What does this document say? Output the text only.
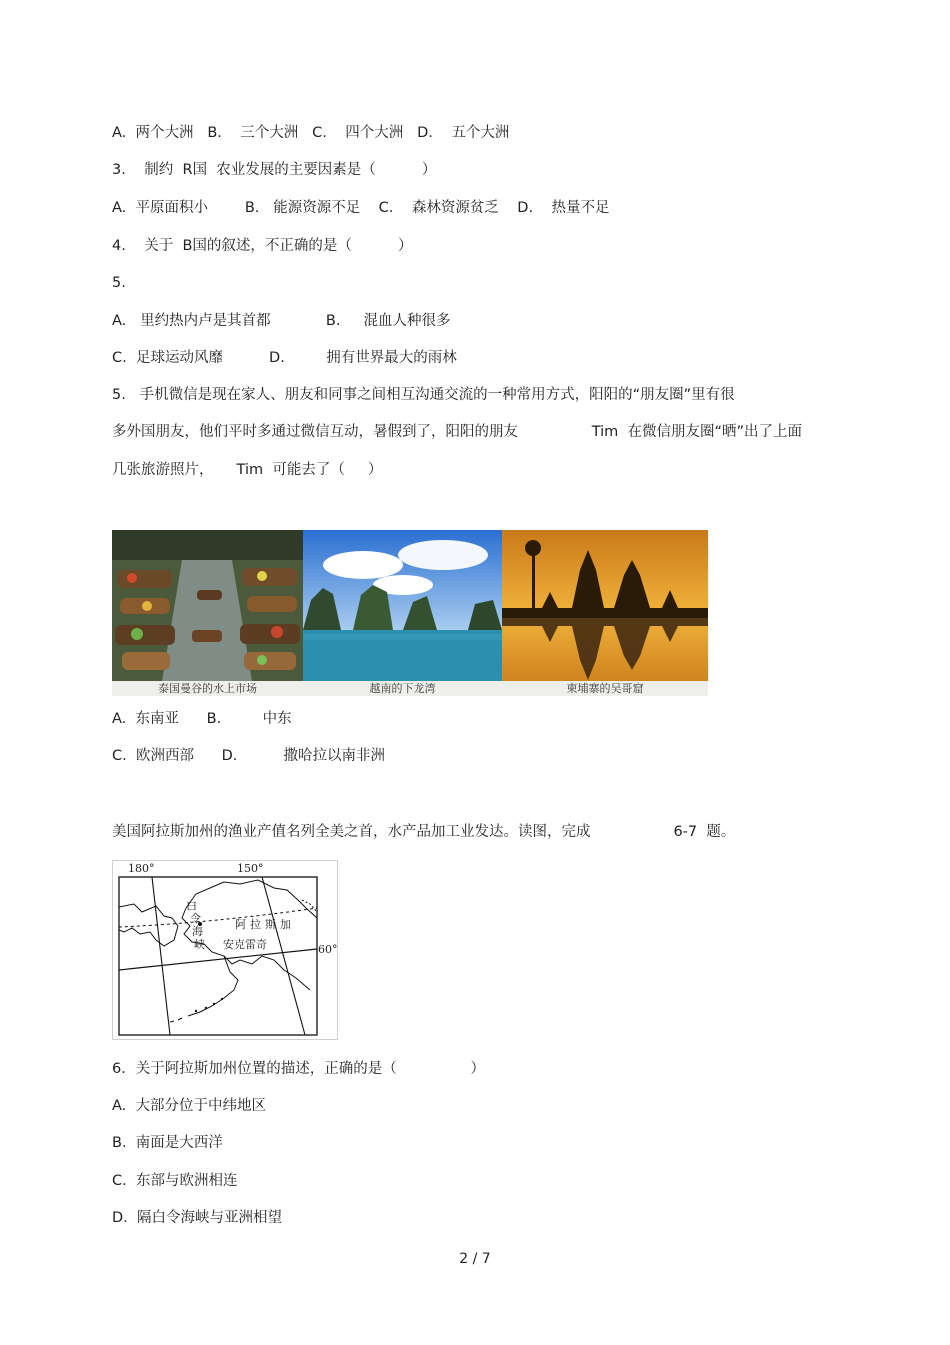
A.  两个大洲   B.    三个大洲   C.    四个大洲   D.    五个大洲
3.    制约  R国  农业发展的主要因素是（          ）
A.  平原面积小        B.   能源资源不足    C.    森林资源贫乏    D.    热量不足
4.    关于  B国的叙述，不正确的是（          ）
5.
A.   里约热内卢是其首都            B.     混血人种很多
C.  足球运动风靡          D.         拥有世界最大的雨林
5.   手机微信是现在家人、朋友和同事之间相互沟通交流的一种常用方式，阳阳的“朋友圈”里有很
多外国朋友，他们平时多通过微信互动，暑假到了，阳阳的朋友                Tim  在微信朋友圈“晒”出了上面
几张旅游照片，     Tim  可能去了（     ）
泰国曼谷的水上市场	越南的下龙湾	柬埔寨的吴哥窟
A.  东南亚      B.         中东
C.  欧洲西部      D.          撒哈拉以南非洲
美国阿拉斯加州的渔业产值名列全美之首，水产品加工业发达。读图，完成                  6-7  题。
180°	150°
60°
白
令
海
峡
阿拉斯加
安克雷奇
6．关于阿拉斯加州位置的描述，正确的是（                ）
A.  大部分位于中纬地区
B.  南面是大西洋
C.  东部与欧洲相连
D.  隔白令海峡与亚洲相望
2 / 7
